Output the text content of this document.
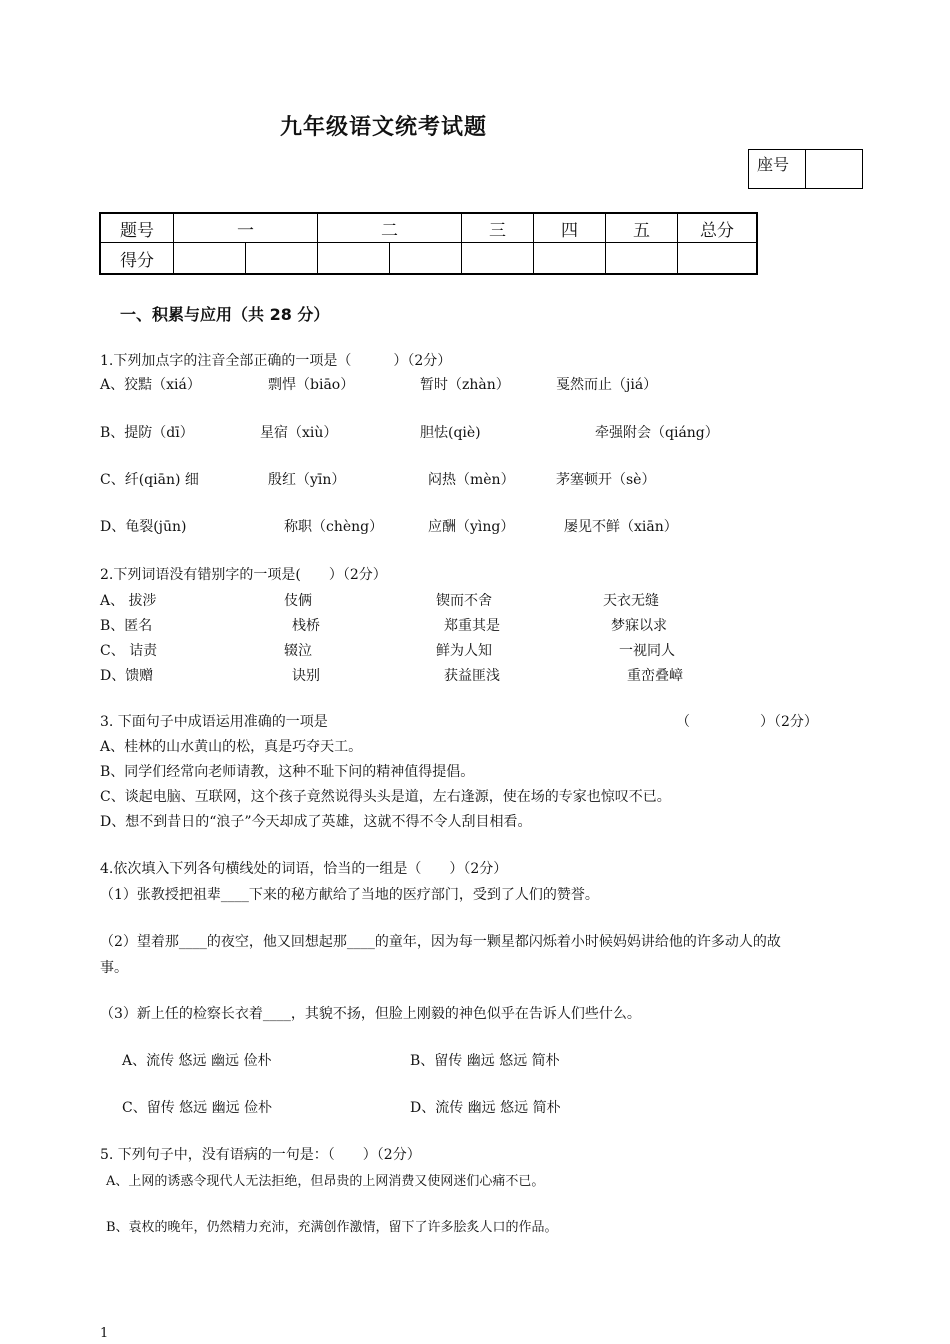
九年级语文统考试题
座号	
题号	一		二		三	四	五	总分
得分								
一、积累与应用（共 28 分）
1.下列加点字的注音全部正确的一项是（　　　）（2分）
A、狡黠（xiá）	剽悍（biāo）	暂时（zhàn）	戛然而止（jiá）
B、提防（dī）	星宿（xiù）	胆怯(qiè)	牵强附会（qiáng）
C、纤(qiān) 细	殷红（yīn）	闷热（mèn）	茅塞顿开（sè）
D、龟裂(jūn)	称职（chèng）	应酬（yìng）	屡见不鲜（xiān）
2.下列词语没有错别字的一项是(　　）（2分）
A、 拔涉	伎俩	锲而不舍	天衣无缝
B、匿名	栈桥	郑重其是	梦寐以求
C、 诘责	辍泣	鲜为人知	一视同人
D、馈赠	诀别	获益匪浅	重峦叠嶂
3. 下面句子中成语运用准确的一项是	（　　　　　）（2分）
A、桂林的山水黄山的松，真是巧夺天工。
B、同学们经常向老师请教，这种不耻下问的精神值得提倡。
C、谈起电脑、互联网，这个孩子竟然说得头头是道，左右逢源，使在场的专家也惊叹不已。
D、想不到昔日的“浪子”今天却成了英雄，这就不得不令人刮目相看。
4.依次填入下列各句横线处的词语，恰当的一组是（　　）（2分）
（1）张教授把祖辈____下来的秘方献给了当地的医疗部门，受到了人们的赞誉。
（2）望着那____的夜空，他又回想起那____的童年，因为每一颗星都闪烁着小时候妈妈讲给他的许多动人的故
事。
（3）新上任的检察长衣着____，其貌不扬，但脸上刚毅的神色似乎在告诉人们些什么。
A、流传 悠远 幽远 俭朴	B、留传 幽远 悠远 简朴
C、留传 悠远 幽远 俭朴	D、流传 幽远 悠远 简朴
5. 下列句子中，没有语病的一句是：（　　）（2分）
A、上网的诱惑令现代人无法拒绝，但昂贵的上网消费又使网迷们心痛不已。
B、袁枚的晚年，仍然精力充沛，充满创作激情，留下了许多脍炙人口的作品。
1
